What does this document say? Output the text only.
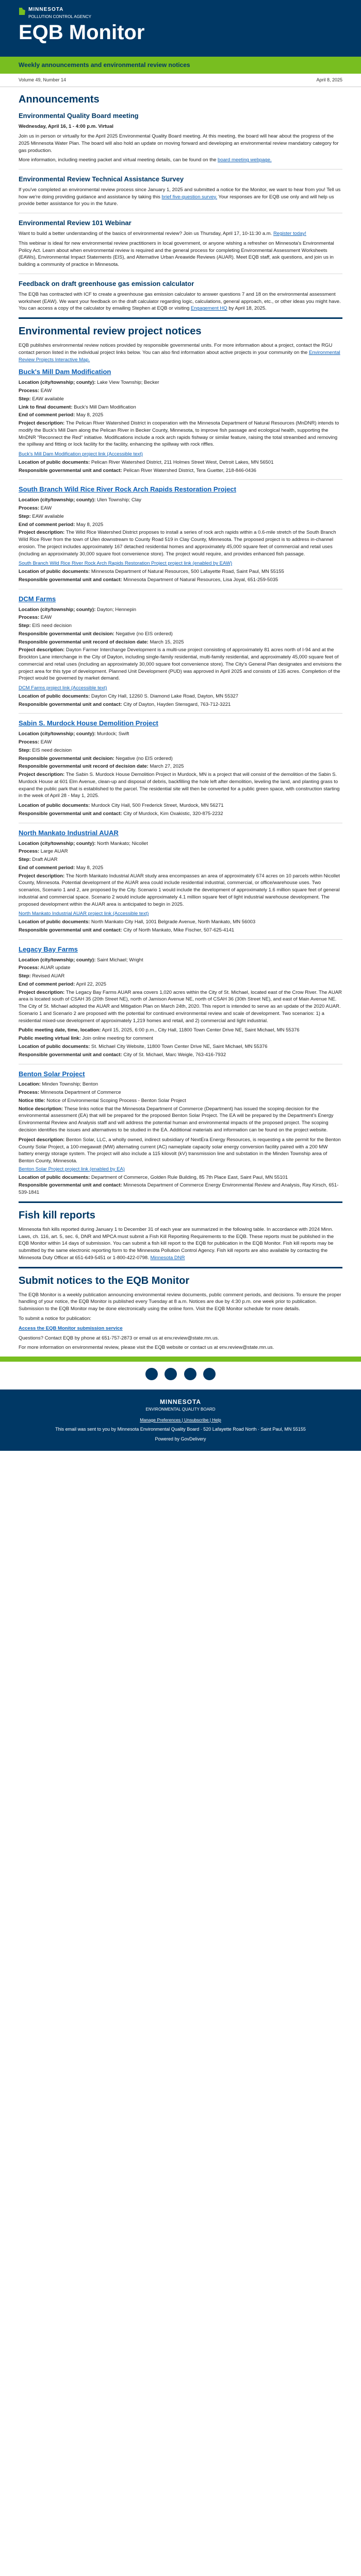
MINNESOTA
POLLUTION CONTROL AGENCY
EQB Monitor
Weekly announcements and environmental review notices
Volume 49, Number 14	April 8, 2025
Announcements
Environmental Quality Board meeting

Wednesday, April 16, 1 - 4:00 p.m. Virtual

Join us in person or virtually for the April 2025 Environmental Quality Board meeting. At this meeting, the board will hear about the progress of the 2025 Minnesota Water Plan. The board will also hold an update on moving forward and developing an environmental review mandatory category for gas production.

More information, including meeting packet and virtual meeting details, can be found on the board meeting webpage.

Environmental Review Technical Assistance Survey

If you've completed an environmental review process since January 1, 2025 and submitted a notice for the Monitor, we want to hear from you! Tell us how we're doing providing guidance and assistance by taking this brief five-question survey. Your responses are for EQB use only and will help us provide better assistance for you in the future.

Environmental Review 101 Webinar

Want to build a better understanding of the basics of environmental review? Join us Thursday, April 17, 10-11:30 a.m. Register today!

This webinar is ideal for new environmental review practitioners in local government, or anyone wishing a refresher on Minnesota's Environmental Policy Act. Learn about when environmental review is required and the general process for completing Environmental Assessment Worksheets (EAWs), Environmental Impact Statements (EIS), and Alternative Urban Areawide Reviews (AUAR). Meet EQB staff, ask questions, and join us in building a community of practice in Minnesota.

Feedback on draft greenhouse gas emission calculator

The EQB has contracted with ICF to create a greenhouse gas emission calculator to answer questions 7 and 18 on the environmental assessment worksheet (EAW). We want your feedback on the draft calculator regarding logic, calculations, general approach, etc., or other ideas you might have. You can access a copy of the calculator by emailing Stephen at EQB or visiting Engagement HQ by April 18, 2025.

Environmental review project notices

EQB publishes environmental review notices provided by responsible governmental units. For more information about a project, contact the RGU contact person listed in the individual project links below. You can also find information about active projects in your community on the Environmental Review Projects Interactive Map.

Buck's Mill Dam Modification
Location (city/township; county): Lake View Township; Becker
Process: EAW
Step: EAW available
Link to final document: Buck's Mill Dam Modification
End of comment period: May 8, 2025

Project description: The Pelican River Watershed District in cooperation with the Minnesota Department of Natural Resources (MnDNR) intends to modify the Buck's Mill Dam along the Pelican River in Becker County, Minnesota, to improve fish passage and ecological health, supporting the MnDNR "Reconnect the Red" initiative. Modifications include a rock arch rapids fishway or similar feature, raising the total streambed and removing the spillway and fitting or lock facility for the facility, enhancing the spillway with rock riffles.

Buck's Mill Dam Modification project link (Accessible text)
Location of public documents: Pelican River Watershed District, 211 Holmes Street West, Detroit Lakes, MN 56501
Responsible governmental unit and contact: Pelican River Watershed District, Tera Guetter, 218-846-0436
South Branch Wild Rice River Rock Arch Rapids Restoration Project
Location (city/township; county): Ulen Township; Clay
Process: EAW
Step: EAW available
End of comment period: May 8, 2025

Project description: The Wild Rice Watershed District proposes to install a series of rock arch rapids within a 0.6-mile stretch of the South Branch Wild Rice River from the town of Ulen downstream to County Road 519 in Clay County, Minnesota. The proposed project is to address in-channel erosion. The project includes approximately 167 detached residential homes and approximately 45,000 square feet of commercial and retail uses (including an approximately 30,000 square foot convenience store). The project would require, and provides enhanced fish passage.

South Branch Wild Rice River Rock Arch Rapids Restoration Project project link (enabled by EAW)
Location of public documents: Minnesota Department of Natural Resources, 500 Lafayette Road, Saint Paul, MN 55155
Responsible governmental unit and contact: Minnesota Department of Natural Resources, Lisa Joyal, 651-259-5035
DCM Farms
Location (city/township; county): Dayton; Hennepin
Process: EAW
Step: EIS need decision
Responsible governmental unit decision: Negative (no EIS ordered)
Responsible governmental unit record of decision date: March 15, 2025

Project description: Dayton Farmer Interchange Development is a multi-use project consisting of approximately 81 acres north of I-94 and at the Brockton Lane interchange in the City of Dayton, including single-family residential, multi-family residential, and approximately 45,000 square feet of commercial and retail uses (including an approximately 30,000 square foot convenience store). The City's General Plan designates and envisions the project area for this type of development. Planned Unit Development (PUD) was approved in April 2025 and consists of 135 acres. Completion of the Project would be governed by market demand.

DCM Farms project link (Accessible text)
Location of public documents: Dayton City Hall, 12260 S. Diamond Lake Road, Dayton, MN 55327
Responsible governmental unit and contact: City of Dayton, Hayden Stensgard, 763-712-3221
Sabin S. Murdock House Demolition Project
Location (city/township; county): Murdock; Swift
Process: EAW
Step: EIS need decision
Responsible governmental unit decision: Negative (no EIS ordered)
Responsible governmental unit record of decision date: March 27, 2025

Project description: The Sabin S. Murdock House Demolition Project in Murdock, MN is a project that will consist of the demolition of the Sabin S. Murdock House at 601 Elm Avenue, clean-up and disposal of debris, backfilling the hole left after demolition, leveling the land, and planting grass to expand the public park that is established to the parcel. The residential site will then be converted for a public green space, with construction starting in the week of April 28 - May 1, 2025.

Location of public documents: Murdock City Hall, 500 Frederick Street, Murdock, MN 56271
Responsible governmental unit and contact: City of Murdock, Kim Oxakistic, 320-875-2232
North Mankato Industrial AUAR
Location (city/township; county): North Mankato; Nicollet
Process: Large AUAR
Step: Draft AUAR
End of comment period: May 8, 2025

Project description: The North Mankato Industrial AUAR study area encompasses an area of approximately 674 acres on 10 parcels within Nicollet County, Minnesota. Potential development of the AUAR area could include residential industrial, commercial, or office/warehouse uses. Two scenarios, Scenario 1 and 2, are proposed by the City. Scenario 1 would include the development of approximately 1.6 million square feet of general industrial and commercial space. Scenario 2 would include approximately 4.1 million square feet of light industrial warehouse development. The proposed development within the AUAR area is anticipated to begin in 2025.

North Mankato Industrial AUAR project link (Accessible text)
Location of public documents: North Mankato City Hall, 1001 Belgrade Avenue, North Mankato, MN 56003
Responsible governmental unit and contact: City of North Mankato, Mike Fischer, 507-625-4141
Legacy Bay Farms
Location (city/township; county): Saint Michael; Wright
Process: AUAR update
Step: Revised AUAR
End of comment period: April 22, 2025

Project description: The Legacy Bay Farms AUAR area covers 1,020 acres within the City of St. Michael, located east of the Crow River. The AUAR area is located south of CSAH 35 (20th Street NE), north of Jamison Avenue NE, north of CSAH 36 (30th Street NE), and east of Main Avenue NE. The City of St. Michael adopted the AUAR and Mitigation Plan on March 24th, 2020. This report is intended to serve as an update of the 2020 AUAR. Scenario 1 and Scenario 2 are proposed with the potential for continued environmental review and scale of development. Two scenarios: 1) a residential mixed-use development of approximately 1,219 homes and retail, and 2) commercial and light industrial.

Public meeting date, time, location: April 15, 2025, 6:00 p.m., City Hall, 11800 Town Center Drive NE, Saint Michael, MN 55376
Public meeting virtual link: Join online meeting for comment
Location of public documents: St. Michael City Website, 11800 Town Center Drive NE, Saint Michael, MN 55376
Responsible governmental unit and contact: City of St. Michael, Marc Weigle, 763-416-7932
Benton Solar Project
Location: Minden Township; Benton
Process: Minnesota Department of Commerce
Notice title: Notice of Environmental Scoping Process - Benton Solar Project

Notice description: These links notice that the Minnesota Department of Commerce (Department) has issued the scoping decision for the environmental assessment (EA) that will be prepared for the proposed Benton Solar Project. The EA will be prepared by the Department's Energy Environmental Review and Analysis staff and will address the potential human and environmental impacts of the proposed project. The scoping decision identifies the issues and alternatives to be studied in the EA. Additional materials and information can be found on the project website.

Project description: Benton Solar, LLC, a wholly owned, indirect subsidiary of NextEra Energy Resources, is requesting a site permit for the Benton County Solar Project, a 100-megawatt (MW) alternating current (AC) nameplate capacity solar energy conversion facility paired with a 200 MW battery energy storage system. The project will also include a 115 kilovolt (kV) transmission line and substation in the Minden Township area of Benton County, Minnesota.
Benton Solar Project project link (enabled by EA)
Location of public documents: Department of Commerce, Golden Rule Building, 85 7th Place East, Saint Paul, MN 55101
Responsible governmental unit and contact: Minnesota Department of Commerce Energy Environmental Review and Analysis, Ray Kirsch, 651-539-1841
Fish kill reports

Minnesota fish kills reported during January 1 to December 31 of each year are summarized in the following table. In accordance with 2024 Minn. Laws, ch. 116, art. 5, sec. 6, DNR and MPCA must submit a Fish Kill Reporting Requirements to the EQB. These reports must be published in the EQB Monitor within 14 days of submission. You can submit a fish kill report to the EQB for publication in the EQB Monitor. Fish kill reports may be submitted by the same electronic reporting form to the Minnesota Pollution Control Agency. Fish kill reports are also available by contacting the Minnesota Duty Officer at 651-649-5451 or 1-800-422-0798. Minnesota DNR

Submit notices to the EQB Monitor

The EQB Monitor is a weekly publication announcing environmental review documents, public comment periods, and decisions. To ensure the proper handling of your notice, the EQB Monitor is published every Tuesday at 8 a.m. Notices are due by 4:30 p.m. one week prior to publication. Submission to the EQB Monitor may be done electronically using the online form. Visit the EQB Monitor schedule for more details.

To submit a notice for publication:

Access the EQB Monitor submission service

Questions? Contact EQB by phone at 651-757-2873 or email us at env.review@state.mn.us.

For more information on environmental review, please visit the EQB website or contact us at env.review@state.mn.us.

MINNESOTA
ENVIRONMENTAL QUALITY BOARD
Manage Preferences | Unsubscribe | Help
This email was sent to you by Minnesota Environmental Quality Board · 520 Lafayette Road North · Saint Paul, MN 55155
Powered by GovDelivery
